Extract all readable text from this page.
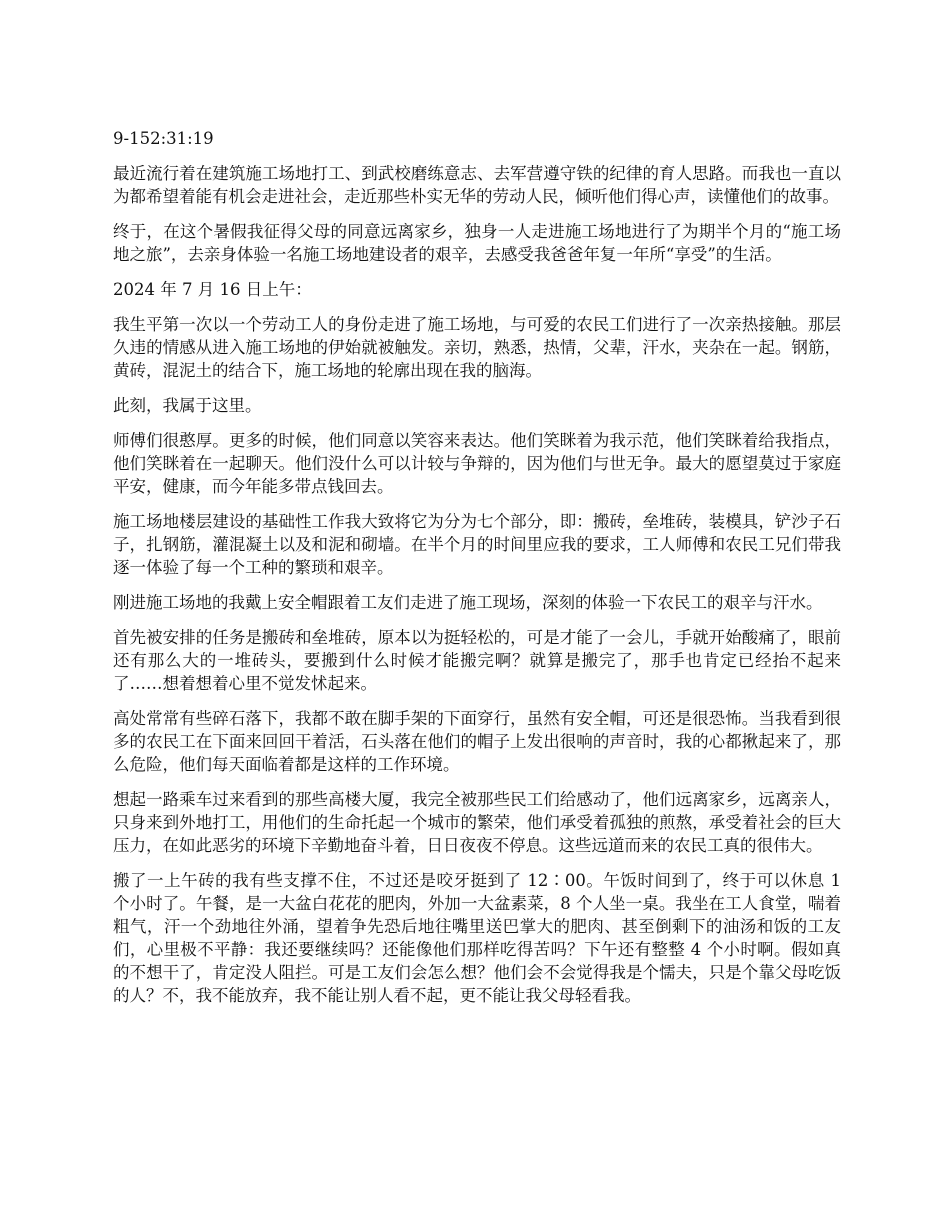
9-152:31:19

最近流行着在建筑施工场地打工、到武校磨练意志、去军营遵守铁的纪律的育人思路。而我也一直以为都希望着能有机会走进社会，走近那些朴实无华的劳动人民，倾听他们得心声，读懂他们的故事。

终于，在这个暑假我征得父母的同意远离家乡，独身一人走进施工场地进行了为期半个月的“施工场地之旅”，去亲身体验一名施工场地建设者的艰辛，去感受我爸爸年复一年所“享受”的生活。

2024 年 7 月 16 日上午：

我生平第一次以一个劳动工人的身份走进了施工场地，与可爱的农民工们进行了一次亲热接触。那层久违的情感从进入施工场地的伊始就被触发。亲切，熟悉，热情，父辈，汗水，夹杂在一起。钢筋，黄砖，混泥土的结合下，施工场地的轮廓出现在我的脑海。

此刻，我属于这里。

师傅们很憨厚。更多的时候，他们同意以笑容来表达。他们笑眯着为我示范，他们笑眯着给我指点，他们笑眯着在一起聊天。他们没什么可以计较与争辩的，因为他们与世无争。最大的愿望莫过于家庭平安，健康，而今年能多带点钱回去。

施工场地楼层建设的基础性工作我大致将它为分为七个部分，即：搬砖，垒堆砖，装模具，铲沙子石子，扎钢筋，灌混凝土以及和泥和砌墙。在半个月的时间里应我的要求，工人师傅和农民工兄们带我逐一体验了每一个工种的繁琐和艰辛。

刚进施工场地的我戴上安全帽跟着工友们走进了施工现场，深刻的体验一下农民工的艰辛与汗水。

首先被安排的任务是搬砖和垒堆砖，原本以为挺轻松的，可是才能了一会儿，手就开始酸痛了，眼前还有那么大的一堆砖头，要搬到什么时候才能搬完啊？就算是搬完了，那手也肯定已经抬不起来了……想着想着心里不觉发怵起来。

高处常常有些碎石落下，我都不敢在脚手架的下面穿行，虽然有安全帽，可还是很恐怖。当我看到很多的农民工在下面来回回干着活，石头落在他们的帽子上发出很响的声音时，我的心都揪起来了，那么危险，他们每天面临着都是这样的工作环境。

想起一路乘车过来看到的那些高楼大厦，我完全被那些民工们给感动了，他们远离家乡，远离亲人，只身来到外地打工，用他们的生命托起一个城市的繁荣，他们承受着孤独的煎熬，承受着社会的巨大压力，在如此恶劣的环境下辛勤地奋斗着，日日夜夜不停息。这些远道而来的农民工真的很伟大。

搬了一上午砖的我有些支撑不住，不过还是咬牙挺到了 12∶00。午饭时间到了，终于可以休息 1 个小时了。午餐，是一大盆白花花的肥肉，外加一大盆素菜，8 个人坐一桌。我坐在工人食堂，喘着粗气，汗一个劲地往外涌，望着争先恐后地往嘴里送巴掌大的肥肉、甚至倒剩下的油汤和饭的工友们，心里极不平静：我还要继续吗？还能像他们那样吃得苦吗？下午还有整整 4 个小时啊。假如真的不想干了，肯定没人阻拦。可是工友们会怎么想？他们会不会觉得我是个懦夫，只是个靠父母吃饭的人？不，我不能放弃，我不能让别人看不起，更不能让我父母轻看我。
